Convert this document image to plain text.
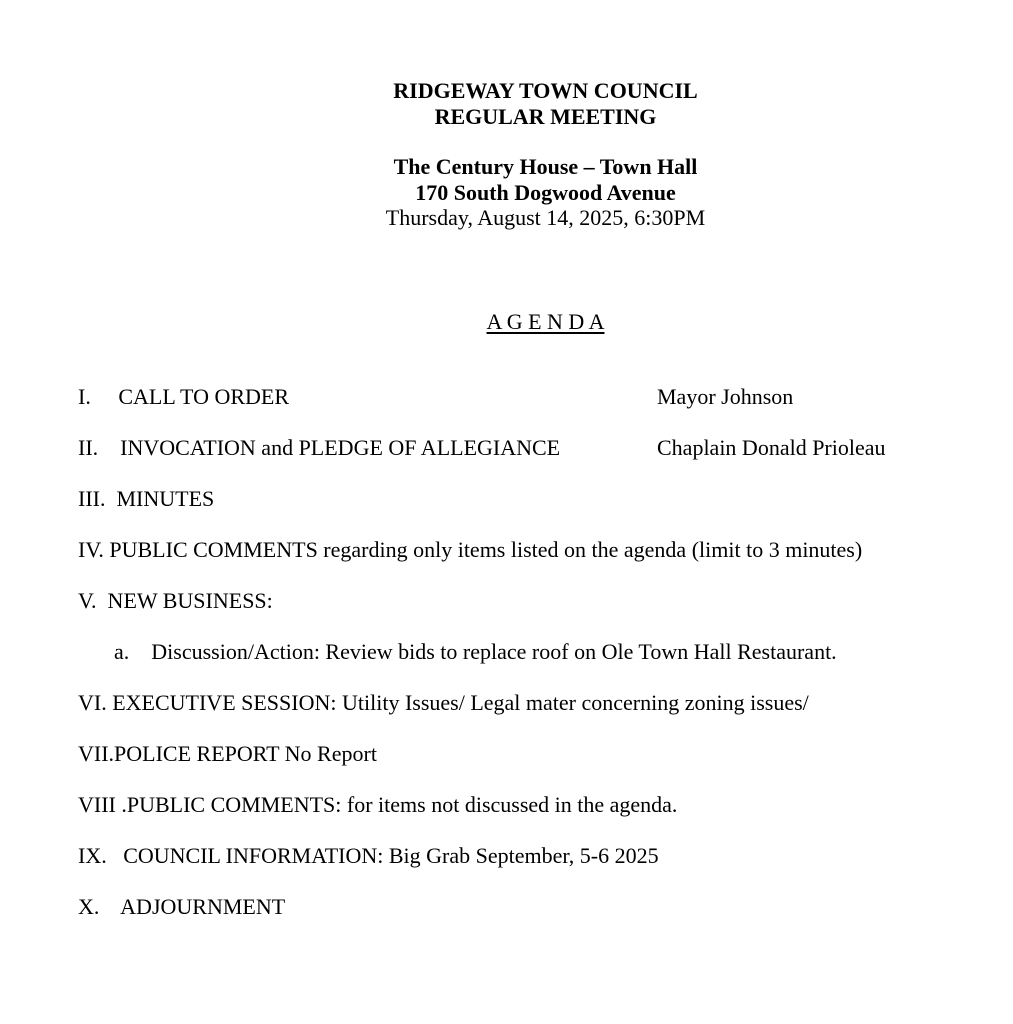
RIDGEWAY TOWN COUNCIL
REGULAR MEETING
The Century House – Town Hall
170 South Dogwood Avenue
Thursday, August 14, 2025, 6:30PM
A G E N D A
I.     CALL TO ORDER	Mayor Johnson
II.    INVOCATION and PLEDGE OF ALLEGIANCE	Chaplain Donald Prioleau
III.  MINUTES
IV. PUBLIC COMMENTS regarding only items listed on the agenda (limit to 3 minutes)
V.  NEW BUSINESS:
a.    Discussion/Action: Review bids to replace roof on Ole Town Hall Restaurant.
VI. EXECUTIVE SESSION: Utility Issues/ Legal mater concerning zoning issues/
VII.POLICE REPORT No Report
VIII .PUBLIC COMMENTS: for items not discussed in the agenda.
IX.   COUNCIL INFORMATION: Big Grab September, 5-6 2025
X.    ADJOURNMENT
